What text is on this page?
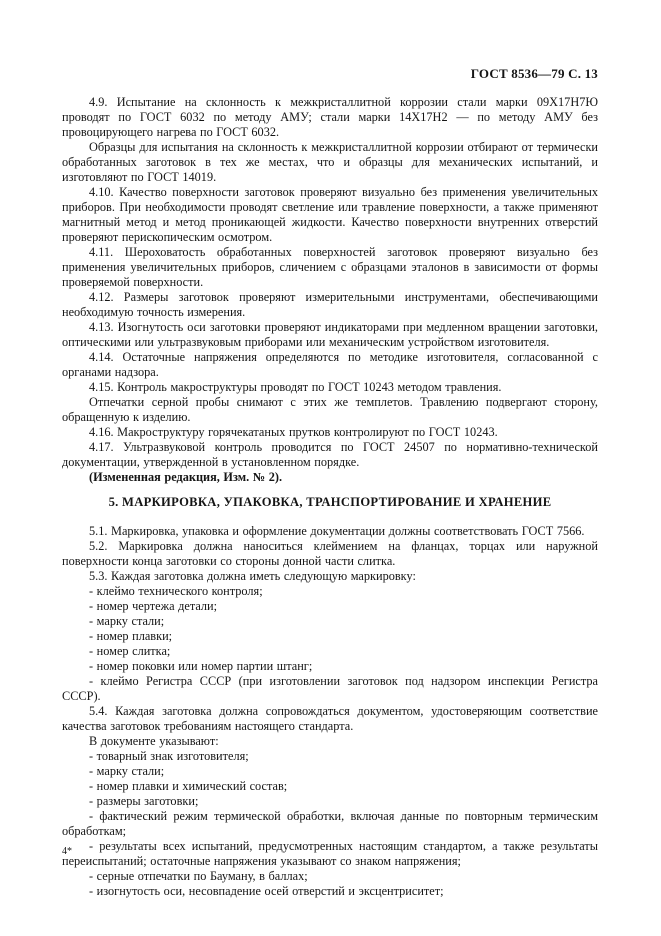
ГОСТ 8536—79 С. 13

4.9. Испытание на склонность к межкристаллитной коррозии стали марки 09Х17Н7Ю проводят по ГОСТ 6032 по методу АМУ; стали марки 14Х17Н2 — по методу АМУ без провоцирующего нагрева по ГОСТ 6032.

Образцы для испытания на склонность к межкристаллитной коррозии отбирают от термически обработанных заготовок в тех же местах, что и образцы для механических испытаний, и изготовляют по ГОСТ 14019.

4.10. Качество поверхности заготовок проверяют визуально без применения увеличительных приборов. При необходимости проводят светление или травление поверхности, а также применяют магнитный метод и метод проникающей жидкости. Качество поверхности внутренних отверстий проверяют перископическим осмотром.

4.11. Шероховатость обработанных поверхностей заготовок проверяют визуально без применения увеличительных приборов, сличением с образцами эталонов в зависимости от формы проверяемой поверхности.

4.12. Размеры заготовок проверяют измерительными инструментами, обеспечивающими необходимую точность измерения.

4.13. Изогнутость оси заготовки проверяют индикаторами при медленном вращении заготовки, оптическими или ультразвуковым приборами или механическим устройством изготовителя.

4.14. Остаточные напряжения определяются по методике изготовителя, согласованной с органами надзора.

4.15. Контроль макроструктуры проводят по ГОСТ 10243 методом травления.

Отпечатки серной пробы снимают с этих же темплетов. Травлению подвергают сторону, обращенную к изделию.

4.16. Макроструктуру горячекатаных прутков контролируют по ГОСТ 10243.

4.17. Ультразвуковой контроль проводится по ГОСТ 24507 по нормативно-технической документации, утвержденной в установленном порядке.

(Измененная редакция, Изм. № 2).

5. МАРКИРОВКА, УПАКОВКА, ТРАНСПОРТИРОВАНИЕ И ХРАНЕНИЕ

5.1. Маркировка, упаковка и оформление документации должны соответствовать ГОСТ 7566.

5.2. Маркировка должна наноситься клеймением на фланцах, торцах или наружной поверхности конца заготовки со стороны донной части слитка.

5.3. Каждая заготовка должна иметь следующую маркировку:

- клеймо технического контроля;

- номер чертежа детали;

- марку стали;

- номер плавки;

- номер слитка;

- номер поковки или номер партии штанг;

- клеймо Регистра СССР (при изготовлении заготовок под надзором инспекции Регистра СССР).

5.4. Каждая заготовка должна сопровождаться документом, удостоверяющим соответствие качества заготовок требованиям настоящего стандарта.

В документе указывают:

- товарный знак изготовителя;

- марку стали;

- номер плавки и химический состав;

- размеры заготовки;

- фактический режим термической обработки, включая данные по повторным термическим обработкам;

- результаты всех испытаний, предусмотренных настоящим стандартом, а также результаты переиспытаний; остаточные напряжения указывают со знаком напряжения;

- серные отпечатки по Бауману, в баллах;

- изогнутость оси, несовпадение осей отверстий и эксцентриситет;

4*
